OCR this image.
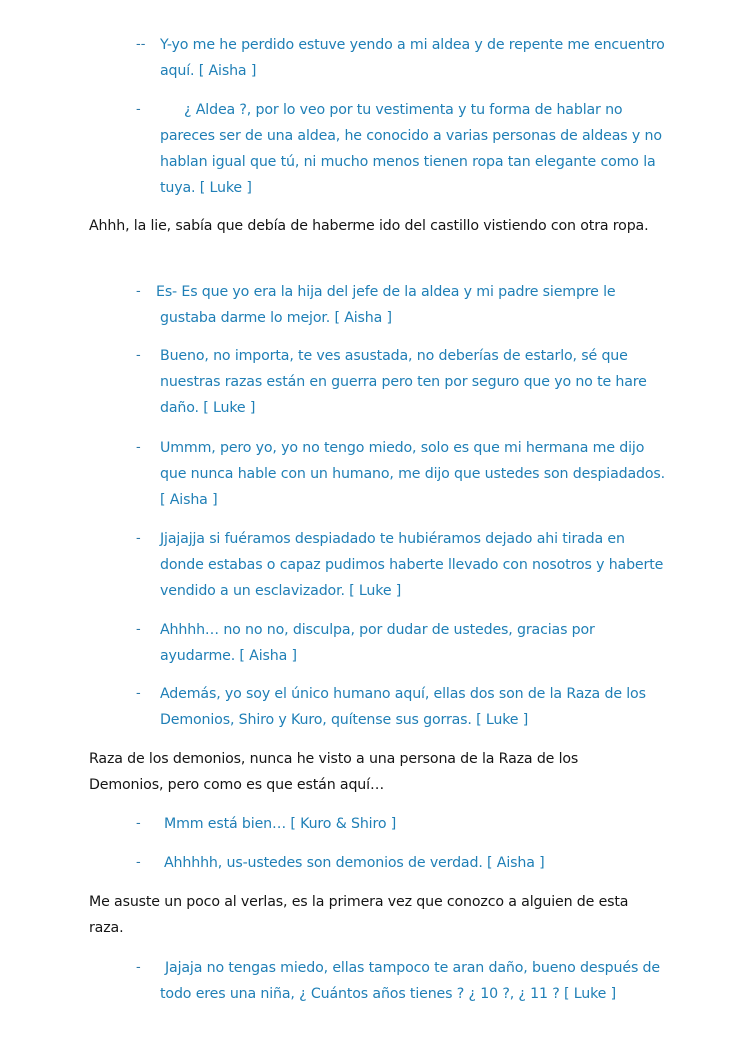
-- Y-yo me he perdido estuve yendo a mi aldea y de repente me encuentro aquí. [ Aisha ]
-	¿ Aldea ?, por lo veo por tu vestimenta y tu forma de hablar no pareces ser de una aldea, he conocido a varias personas de aldeas y no hablan igual que tú, ni mucho menos tienen ropa tan elegante como la tuya. [ Luke ]
Ahhh, la lie, sabía que debía de haberme ido del castillo vistiendo con otra ropa.
- Es- Es que yo era la hija del jefe de la aldea y mi padre siempre le gustaba darme lo mejor. [ Aisha ]
- Bueno, no importa, te ves asustada, no deberías de estarlo, sé que nuestras razas están en guerra pero ten por seguro que yo no te hare daño. [ Luke ]
- Ummm, pero yo, yo no tengo miedo, solo es que mi hermana me dijo que nunca hable con un humano, me dijo que ustedes son despiadados. [ Aisha ]
- Jjajajja si fuéramos despiadado te hubiéramos dejado ahi tirada en donde estabas o capaz pudimos haberte llevado con nosotros y haberte vendido a un esclavizador. [ Luke ]
- Ahhhh… no no no, disculpa, por dudar de ustedes, gracias por ayudarme. [ Aisha ]
- Además, yo soy el único humano aquí, ellas dos son de la Raza de los Demonios, Shiro y Kuro, quítense sus gorras. [ Luke ]
Raza de los demonios, nunca he visto a una persona de la Raza de los Demonios, pero como es que están aquí…
- Mmm está bien… [ Kuro & Shiro ]
- Ahhhhh, us-ustedes son demonios de verdad. [ Aisha ]
Me asuste un poco al verlas, es la primera vez que conozco a alguien de esta raza.
-	Jajaja no tengas miedo, ellas tampoco te aran daño, bueno después de todo eres una niña, ¿ Cuántos años tienes ? ¿ 10 ?, ¿ 11 ? [ Luke ]
